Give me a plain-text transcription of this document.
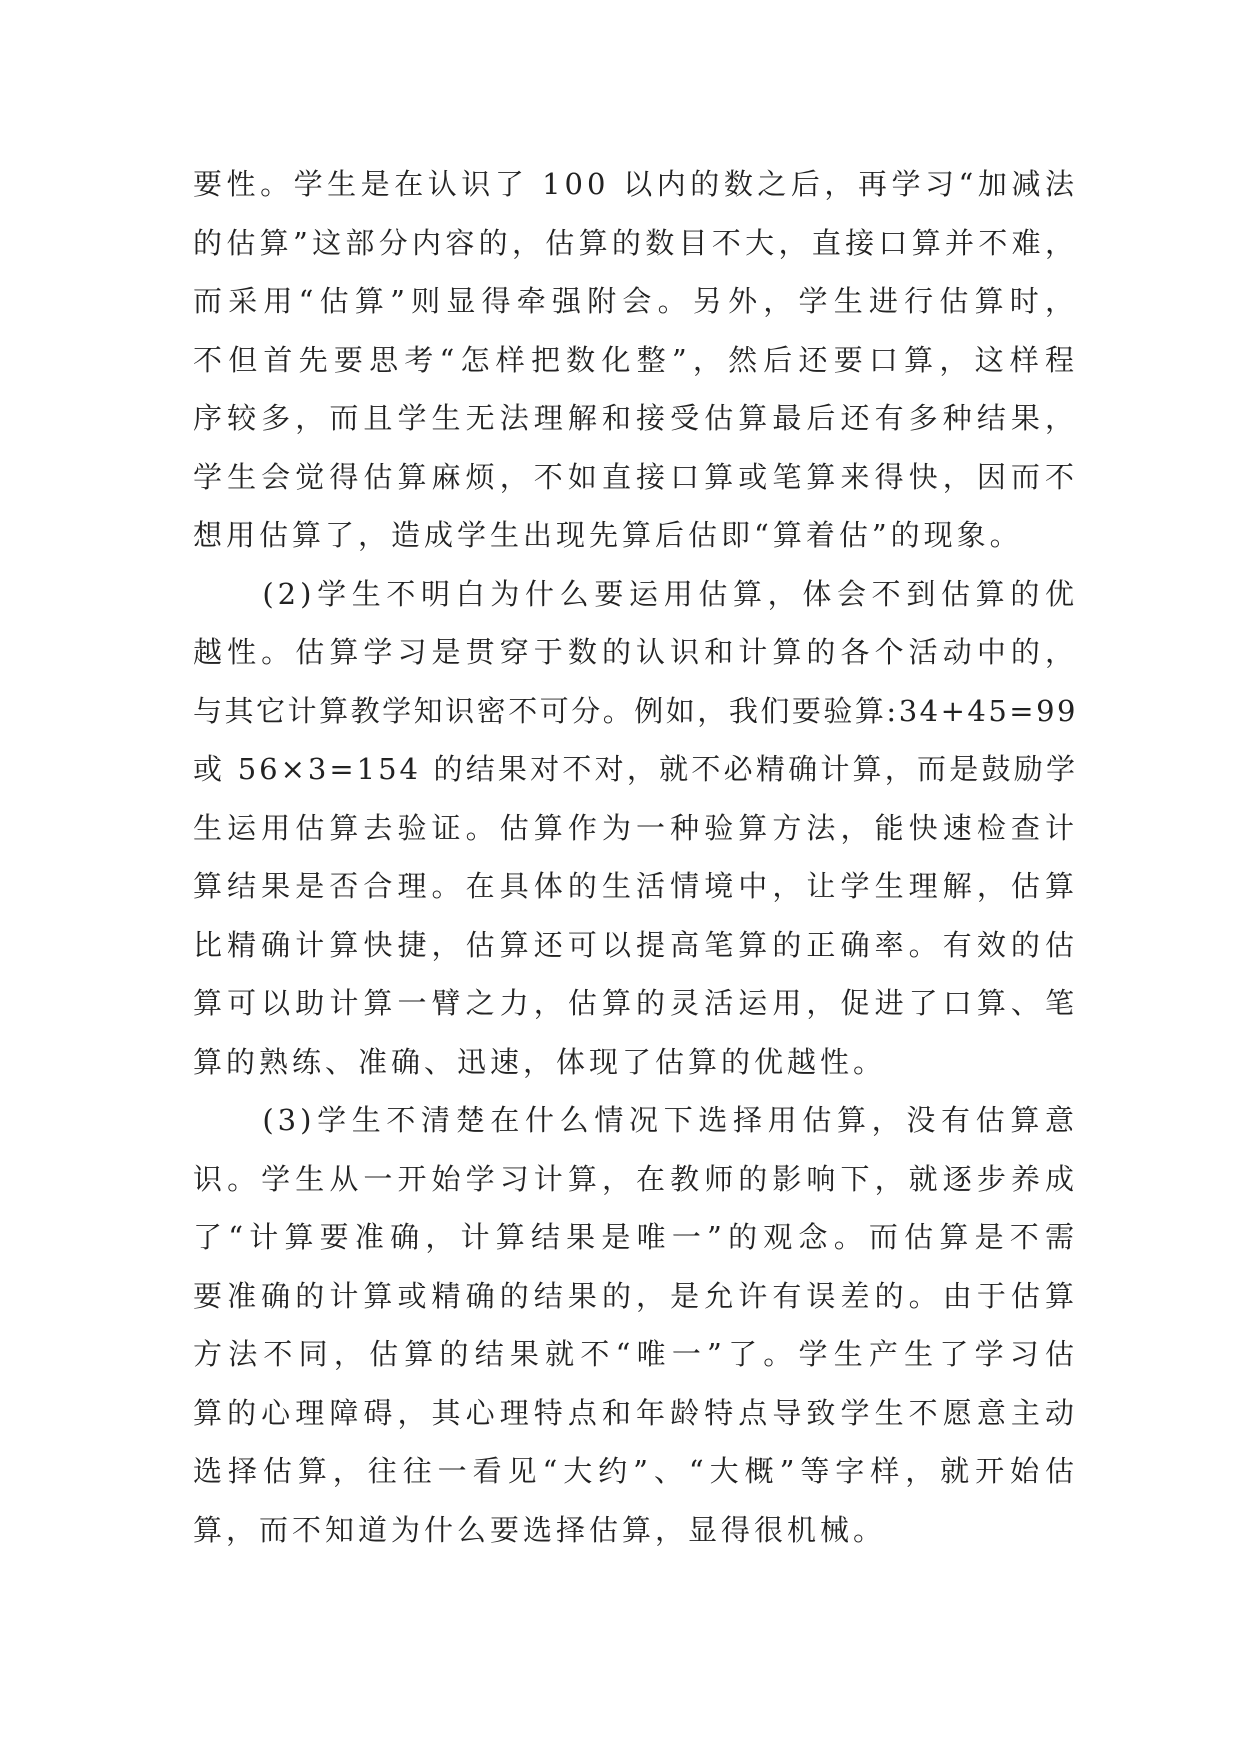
要性。学生是在认识了 100 以内的数之后，再学习“加减法
的估算”这部分内容的，估算的数目不大，直接口算并不难，
而采用“估算”则显得牵强附会。另外，学生进行估算时，
不但首先要思考“怎样把数化整”，然后还要口算，这样程
序较多，而且学生无法理解和接受估算最后还有多种结果，
学生会觉得估算麻烦，不如直接口算或笔算来得快，因而不
想用估算了，造成学生出现先算后估即“算着估”的现象。
　　(2)学生不明白为什么要运用估算，体会不到估算的优
越性。估算学习是贯穿于数的认识和计算的各个活动中的，
与其它计算教学知识密不可分。例如，我们要验算:34+45=99
或 56×3=154 的结果对不对，就不必精确计算，而是鼓励学
生运用估算去验证。估算作为一种验算方法，能快速检查计
算结果是否合理。在具体的生活情境中，让学生理解，估算
比精确计算快捷，估算还可以提高笔算的正确率。有效的估
算可以助计算一臂之力，估算的灵活运用，促进了口算、笔
算的熟练、准确、迅速，体现了估算的优越性。
　　(3)学生不清楚在什么情况下选择用估算，没有估算意
识。学生从一开始学习计算，在教师的影响下，就逐步养成
了“计算要准确，计算结果是唯一”的观念。而估算是不需
要准确的计算或精确的结果的，是允许有误差的。由于估算
方法不同，估算的结果就不“唯一”了。学生产生了学习估
算的心理障碍，其心理特点和年龄特点导致学生不愿意主动
选择估算，往往一看见“大约”、“大概”等字样，就开始估
算，而不知道为什么要选择估算，显得很机械。
